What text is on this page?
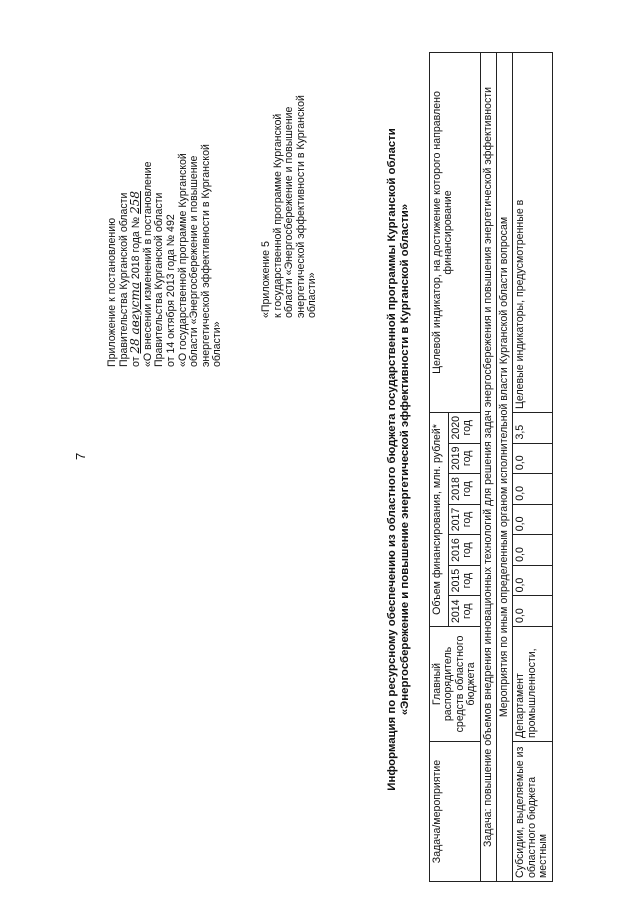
7
Приложение к постановлению Правительства Курганской области от 28 августа 2018 года № 258 «О внесении изменений в постановление Правительства Курганской области от 14 октября 2013 года № 492 «О государственной программе Курганской области «Энергосбережение и повышение энергетической эффективности в Курганской области»
«Приложение 5 к государственной программе Курганской области «Энергосбережение и повышение энергетической эффективности в Курганской области»	Информация по ресурсному обеспечению из областного бюджета государственной программы Курганской области «Энергосбережение и повышение энергетической эффективности в Курганской области»
Задача/мероприятие	Главный распорядитель средств областного бюджета	Объем финансирования, млн. рублей*							Целевой индикатор, на достижение которого направлено финансирование
		2014 год	2015 год	2016 год	2017 год	2018 год	2019 год	2020 год	
Задача: повышение объемов внедрения инновационных технологий для решения задач энергосбережения и повышения энергетической эффективности									
Мероприятия по иным определенным органом исполнительной власти Курганской области вопросам									
Субсидии, выделяемые из областного бюджета местным	Департамент промышленности,	0,0	0,0	0,0	0,0	0,0	0,0	3,5	Целевые индикаторы, предусмотренные в
